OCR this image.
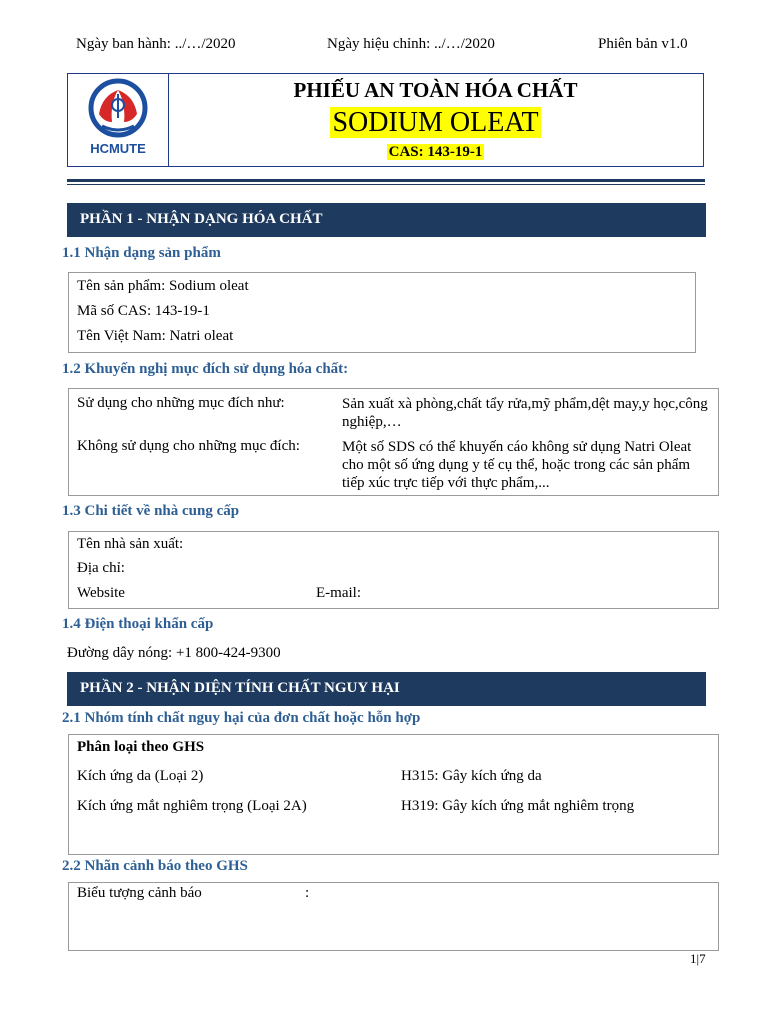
Ngày ban hành: ../…/2020	Ngày hiệu chỉnh: ../…/2020	Phiên bản v1.0
HCMUTE
PHIẾU AN TOÀN HÓA CHẤT
SODIUM OLEAT
CAS: 143-19-1
PHẦN 1 - NHẬN DẠNG HÓA CHẤT
1.1 Nhận dạng sản phẩm
Tên sản phẩm: Sodium oleat
Mã số CAS: 143-19-1
Tên Việt Nam: Natri oleat
1.2 Khuyến nghị mục đích sử dụng hóa chất:
Sử dụng cho những mục đích như:	Sản xuất xà phòng,chất tẩy rửa,mỹ phẩm,dệt may,y học,công nghiệp,…
Không sử dụng cho những mục đích:	Một số SDS có thể khuyến cáo không sử dụng Natri Oleat cho một số ứng dụng y tế cụ thể, hoặc trong các sản phẩm tiếp xúc trực tiếp với thực phẩm,...
1.3 Chi tiết về nhà cung cấp
Tên nhà sản xuất:
Địa chỉ:
Website	E-mail:
1.4 Điện thoại khẩn cấp
Đường dây nóng: +1 800-424-9300
PHẦN 2 - NHẬN DIỆN TÍNH CHẤT NGUY HẠI
2.1 Nhóm tính chất nguy hại của đơn chất hoặc hỗn hợp
Phân loại theo GHS
Kích ứng da (Loại 2)	H315: Gây kích ứng da
Kích ứng mắt nghiêm trọng (Loại 2A)	H319: Gây kích ứng mắt nghiêm trọng
2.2 Nhãn cảnh báo theo GHS
Biểu tượng cảnh báo	:
1|7
